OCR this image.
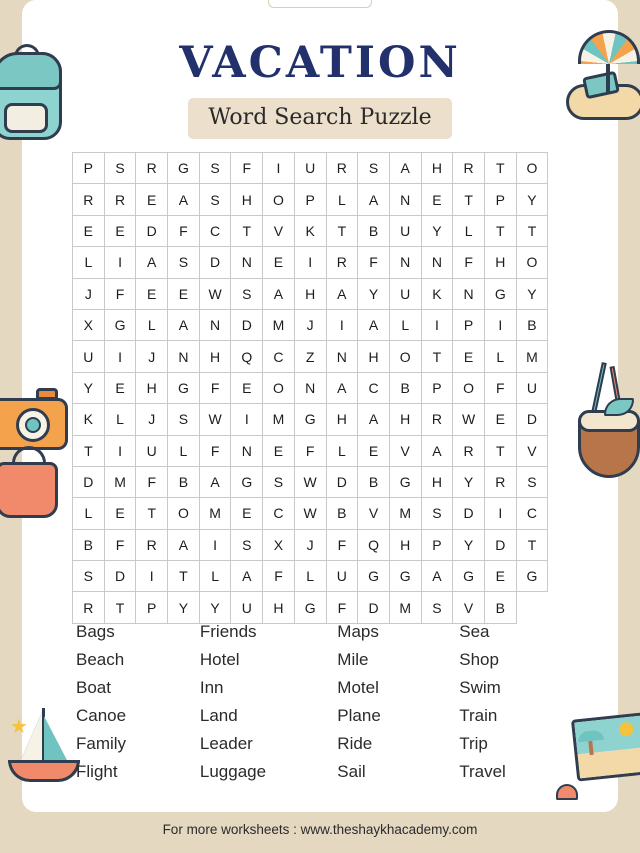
★
VACATION
Word Search Puzzle
P	S	R	G	S	F	I	U	R	S	A	H	R	T	O
R	R	E	A	S	H	O	P	L	A	N	E	T	P	Y
E	E	D	F	C	T	V	K	T	B	U	Y	L	T	T
L	I	A	S	D	N	E	I	R	F	N	N	F	H	O
J	F	E	E	W	S	A	H	A	Y	U	K	N	G	Y
X	G	L	A	N	D	M	J	I	A	L	I	P	I	B
U	I	J	N	H	Q	C	Z	N	H	O	T	E	L	M
Y	E	H	G	F	E	O	N	A	C	B	P	O	F	U
K	L	J	S	W	I	M	G	H	A	H	R	W	E	D
T	I	U	L	F	N	E	F	L	E	V	A	R	T	V
D	M	F	B	A	G	S	W	D	B	G	H	Y	R	S
L	E	T	O	M	E	C	W	B	V	M	S	D	I	C
B	F	R	A	I	S	X	J	F	Q	H	P	Y	D	T
S	D	I	T	L	A	F	L	U	G	G	A	G	E	G
R	T	P	Y	Y	U	H	G	F	D	M	S	V	B	
Bags
Beach
Boat
Canoe
Family
Flight
Friends
Hotel
Inn
Land
Leader
Luggage
Maps
Mile
Motel
Plane
Ride
Sail
Sea
Shop
Swim
Train
Trip
Travel
For more worksheets : www.theshaykhacademy.com
